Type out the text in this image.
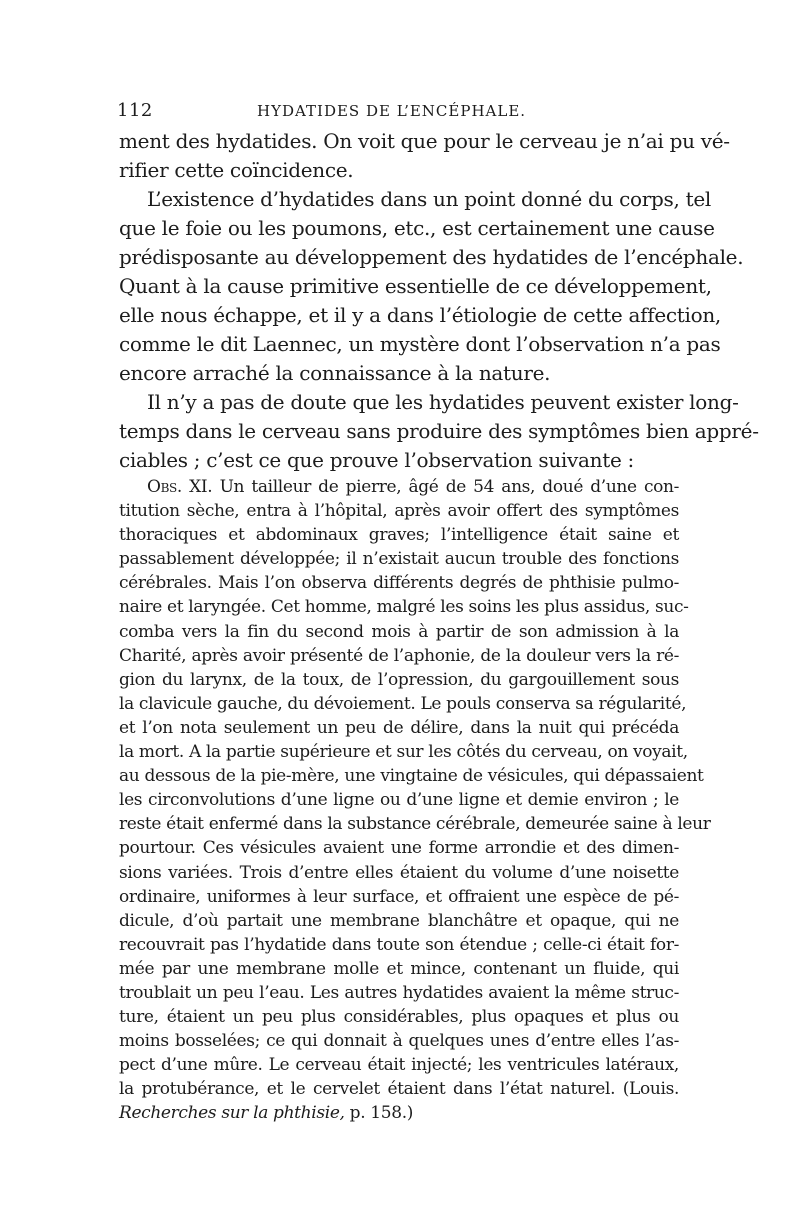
112	HYDATIDES DE L’ENCÉPHALE.
ment des hydatides. On voit que pour le cerveau je n’ai pu vé-
rifier cette coïncidence.
L’existence d’hydatides dans un point donné du corps, tel
que le foie ou les poumons, etc., est certainement une cause
prédisposante au développement des hydatides de l’encéphale.
Quant à la cause primitive essentielle de ce développement,
elle nous échappe, et il y a dans l’étiologie de cette affection,
comme le dit Laennec, un mystère dont l’observation n’a pas
encore arraché la connaissance à la nature.
Il n’y a pas de doute que les hydatides peuvent exister long-
temps dans le cerveau sans produire des symptômes bien appré-
ciables ; c’est ce que prouve l’observation suivante :
Obs. XI. Un tailleur de pierre, âgé de 54 ans, doué d’une con-
titution sèche, entra à l’hôpital, après avoir offert des symptômes
thoraciques et abdominaux graves; l’intelligence était saine et
passablement développée; il n’existait aucun trouble des fonctions
cérébrales. Mais l’on observa différents degrés de phthisie pulmo-
naire et laryngée. Cet homme, malgré les soins les plus assidus, suc-
comba vers la fin du second mois à partir de son admission à la
Charité, après avoir présenté de l’aphonie, de la douleur vers la ré-
gion du larynx, de la toux, de l’opression, du gargouillement sous
la clavicule gauche, du dévoiement. Le pouls conserva sa régularité,
et l’on nota seulement un peu de délire, dans la nuit qui précéda
la mort. A la partie supérieure et sur les côtés du cerveau, on voyait,
au dessous de la pie-mère, une vingtaine de vésicules, qui dépassaient
les circonvolutions d’une ligne ou d’une ligne et demie environ ; le
reste était enfermé dans la substance cérébrale, demeurée saine à leur
pourtour. Ces vésicules avaient une forme arrondie et des dimen-
sions variées. Trois d’entre elles étaient du volume d’une noisette
ordinaire, uniformes à leur surface, et offraient une espèce de pé-
dicule, d’où partait une membrane blanchâtre et opaque, qui ne
recouvrait pas l’hydatide dans toute son étendue ; celle-ci était for-
mée par une membrane molle et mince, contenant un fluide, qui
troublait un peu l’eau. Les autres hydatides avaient la même struc-
ture, étaient un peu plus considérables, plus opaques et plus ou
moins bosselées; ce qui donnait à quelques unes d’entre elles l’as-
pect d’une mûre. Le cerveau était injecté; les ventricules latéraux,
la protubérance, et le cervelet étaient dans l’état naturel. (Louis.
Recherches sur la phthisie, p. 158.)
